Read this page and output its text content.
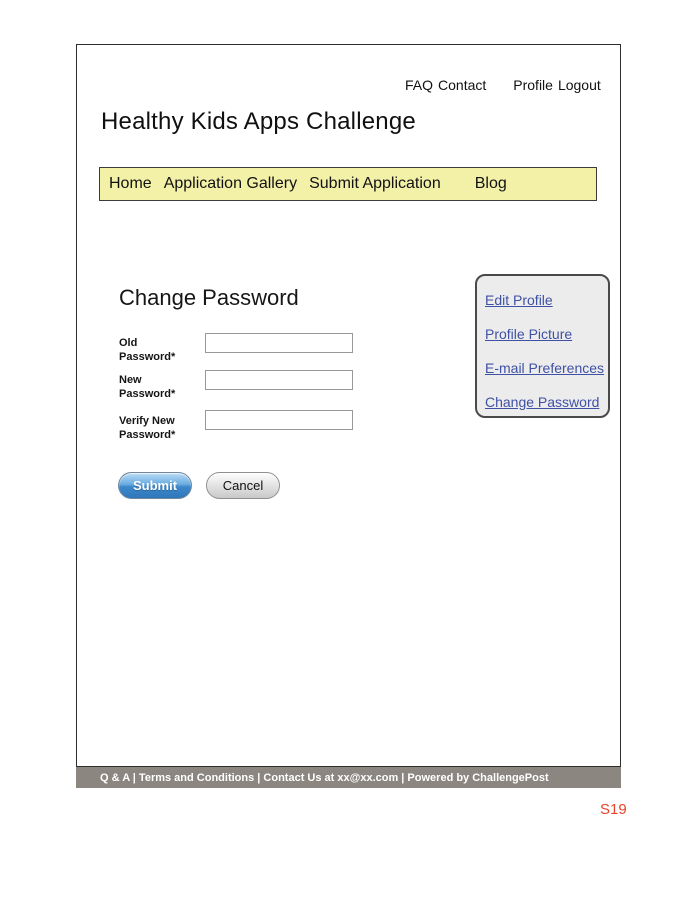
FAQ Contact Profile Logout
Healthy Kids Apps Challenge
Home Application Gallery Submit Application Blog
Change Password
Old Password*
New Password*
Verify New Password*
Submit	Cancel
Edit Profile
Profile Picture
E-mail Preferences
Change Password
Q & A | Terms and Conditions | Contact Us at xx@xx.com | Powered by ChallengePost
S19
